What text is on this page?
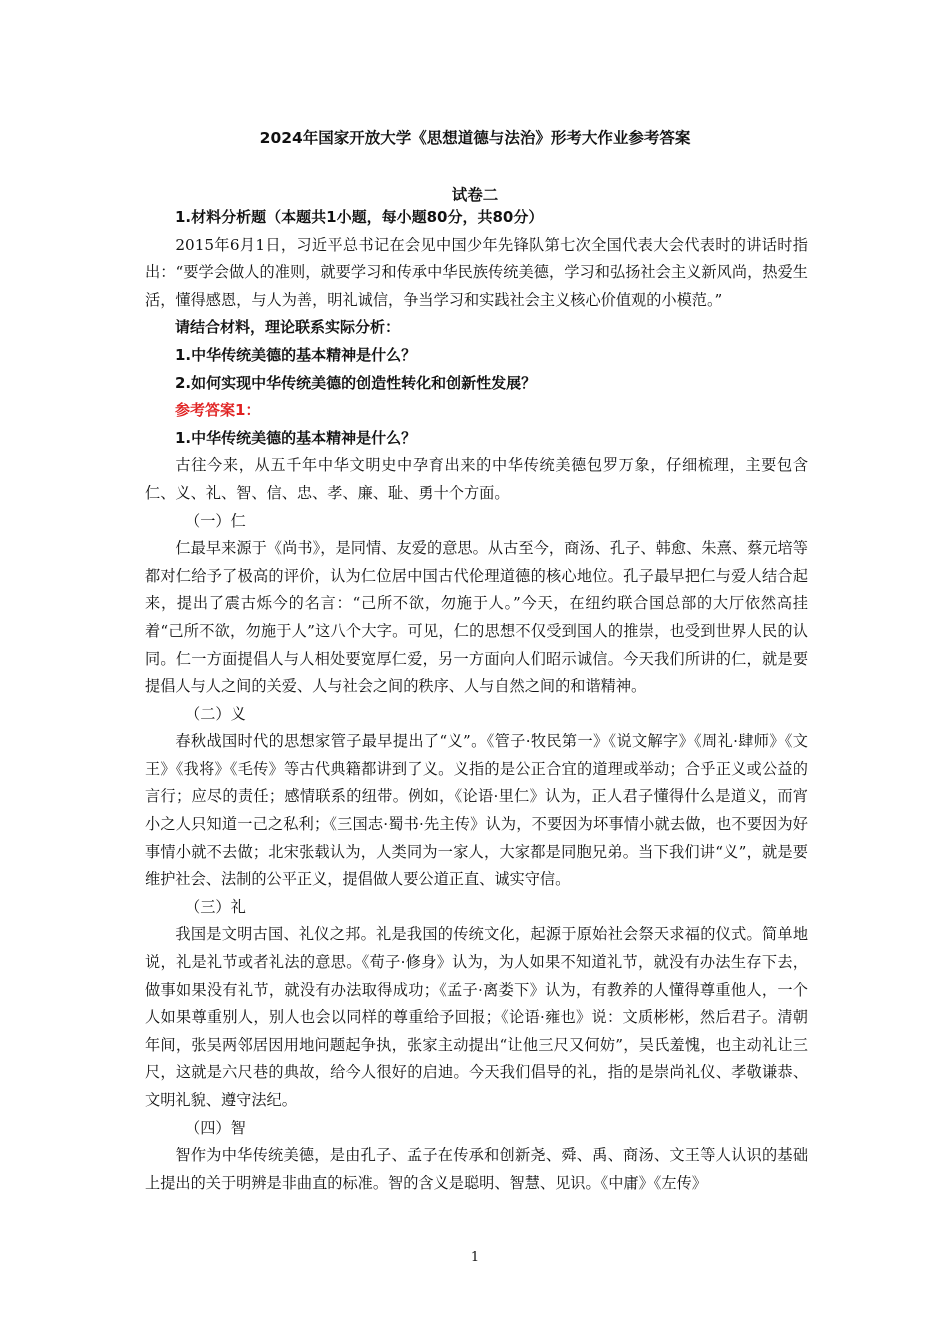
2024年国家开放大学《思想道德与法治》形考大作业参考答案
试卷二

1.材料分析题（本题共1小题，每小题80分，共80分）

2015年6月1日，习近平总书记在会见中国少年先锋队第七次全国代表大会代表时的讲话时指出：“要学会做人的准则，就要学习和传承中华民族传统美德，学习和弘扬社会主义新风尚，热爱生活，懂得感恩，与人为善，明礼诚信，争当学习和实践社会主义核心价值观的小模范。”

请结合材料，理论联系实际分析：

1.中华传统美德的基本精神是什么？

2.如何实现中华传统美德的创造性转化和创新性发展？

参考答案1：

1.中华传统美德的基本精神是什么？

古往今来，从五千年中华文明史中孕育出来的中华传统美德包罗万象，仔细梳理，主要包含仁、义、礼、智、信、忠、孝、廉、耻、勇十个方面。

（一）仁

仁最早来源于《尚书》，是同情、友爱的意思。从古至今，商汤、孔子、韩愈、朱熹、蔡元培等都对仁给予了极高的评价，认为仁位居中国古代伦理道德的核心地位。孔子最早把仁与爱人结合起来，提出了震古烁今的名言：“己所不欲，勿施于人。”今天，在纽约联合国总部的大厅依然高挂着“己所不欲，勿施于人”这八个大字。可见，仁的思想不仅受到国人的推崇，也受到世界人民的认同。仁一方面提倡人与人相处要宽厚仁爱，另一方面向人们昭示诚信。今天我们所讲的仁，就是要提倡人与人之间的关爱、人与社会之间的秩序、人与自然之间的和谐精神。

（二）义

春秋战国时代的思想家管子最早提出了“义”。《管子·牧民第一》《说文解字》《周礼·肆师》《文王》《我将》《毛传》等古代典籍都讲到了义。义指的是公正合宜的道理或举动；合乎正义或公益的言行；应尽的责任；感情联系的纽带。例如，《论语·里仁》认为，正人君子懂得什么是道义，而宵小之人只知道一己之私利；《三国志·蜀书·先主传》认为，不要因为坏事情小就去做，也不要因为好事情小就不去做；北宋张载认为，人类同为一家人，大家都是同胞兄弟。当下我们讲“义”，就是要维护社会、法制的公平正义，提倡做人要公道正直、诚实守信。

（三）礼

我国是文明古国、礼仪之邦。礼是我国的传统文化，起源于原始社会祭天求福的仪式。简单地说，礼是礼节或者礼法的意思。《荀子·修身》认为，为人如果不知道礼节，就没有办法生存下去，做事如果没有礼节，就没有办法取得成功；《孟子·离娄下》认为，有教养的人懂得尊重他人，一个人如果尊重别人，别人也会以同样的尊重给予回报；《论语·雍也》说：文质彬彬，然后君子。清朝年间，张吴两邻居因用地问题起争执，张家主动提出“让他三尺又何妨”，吴氏羞愧，也主动礼让三尺，这就是六尺巷的典故，给今人很好的启迪。今天我们倡导的礼，指的是崇尚礼仪、孝敬谦恭、文明礼貌、遵守法纪。

（四）智

智作为中华传统美德，是由孔子、孟子在传承和创新尧、舜、禹、商汤、文王等人认识的基础上提出的关于明辨是非曲直的标准。智的含义是聪明、智慧、见识。《中庸》《左传》

1
